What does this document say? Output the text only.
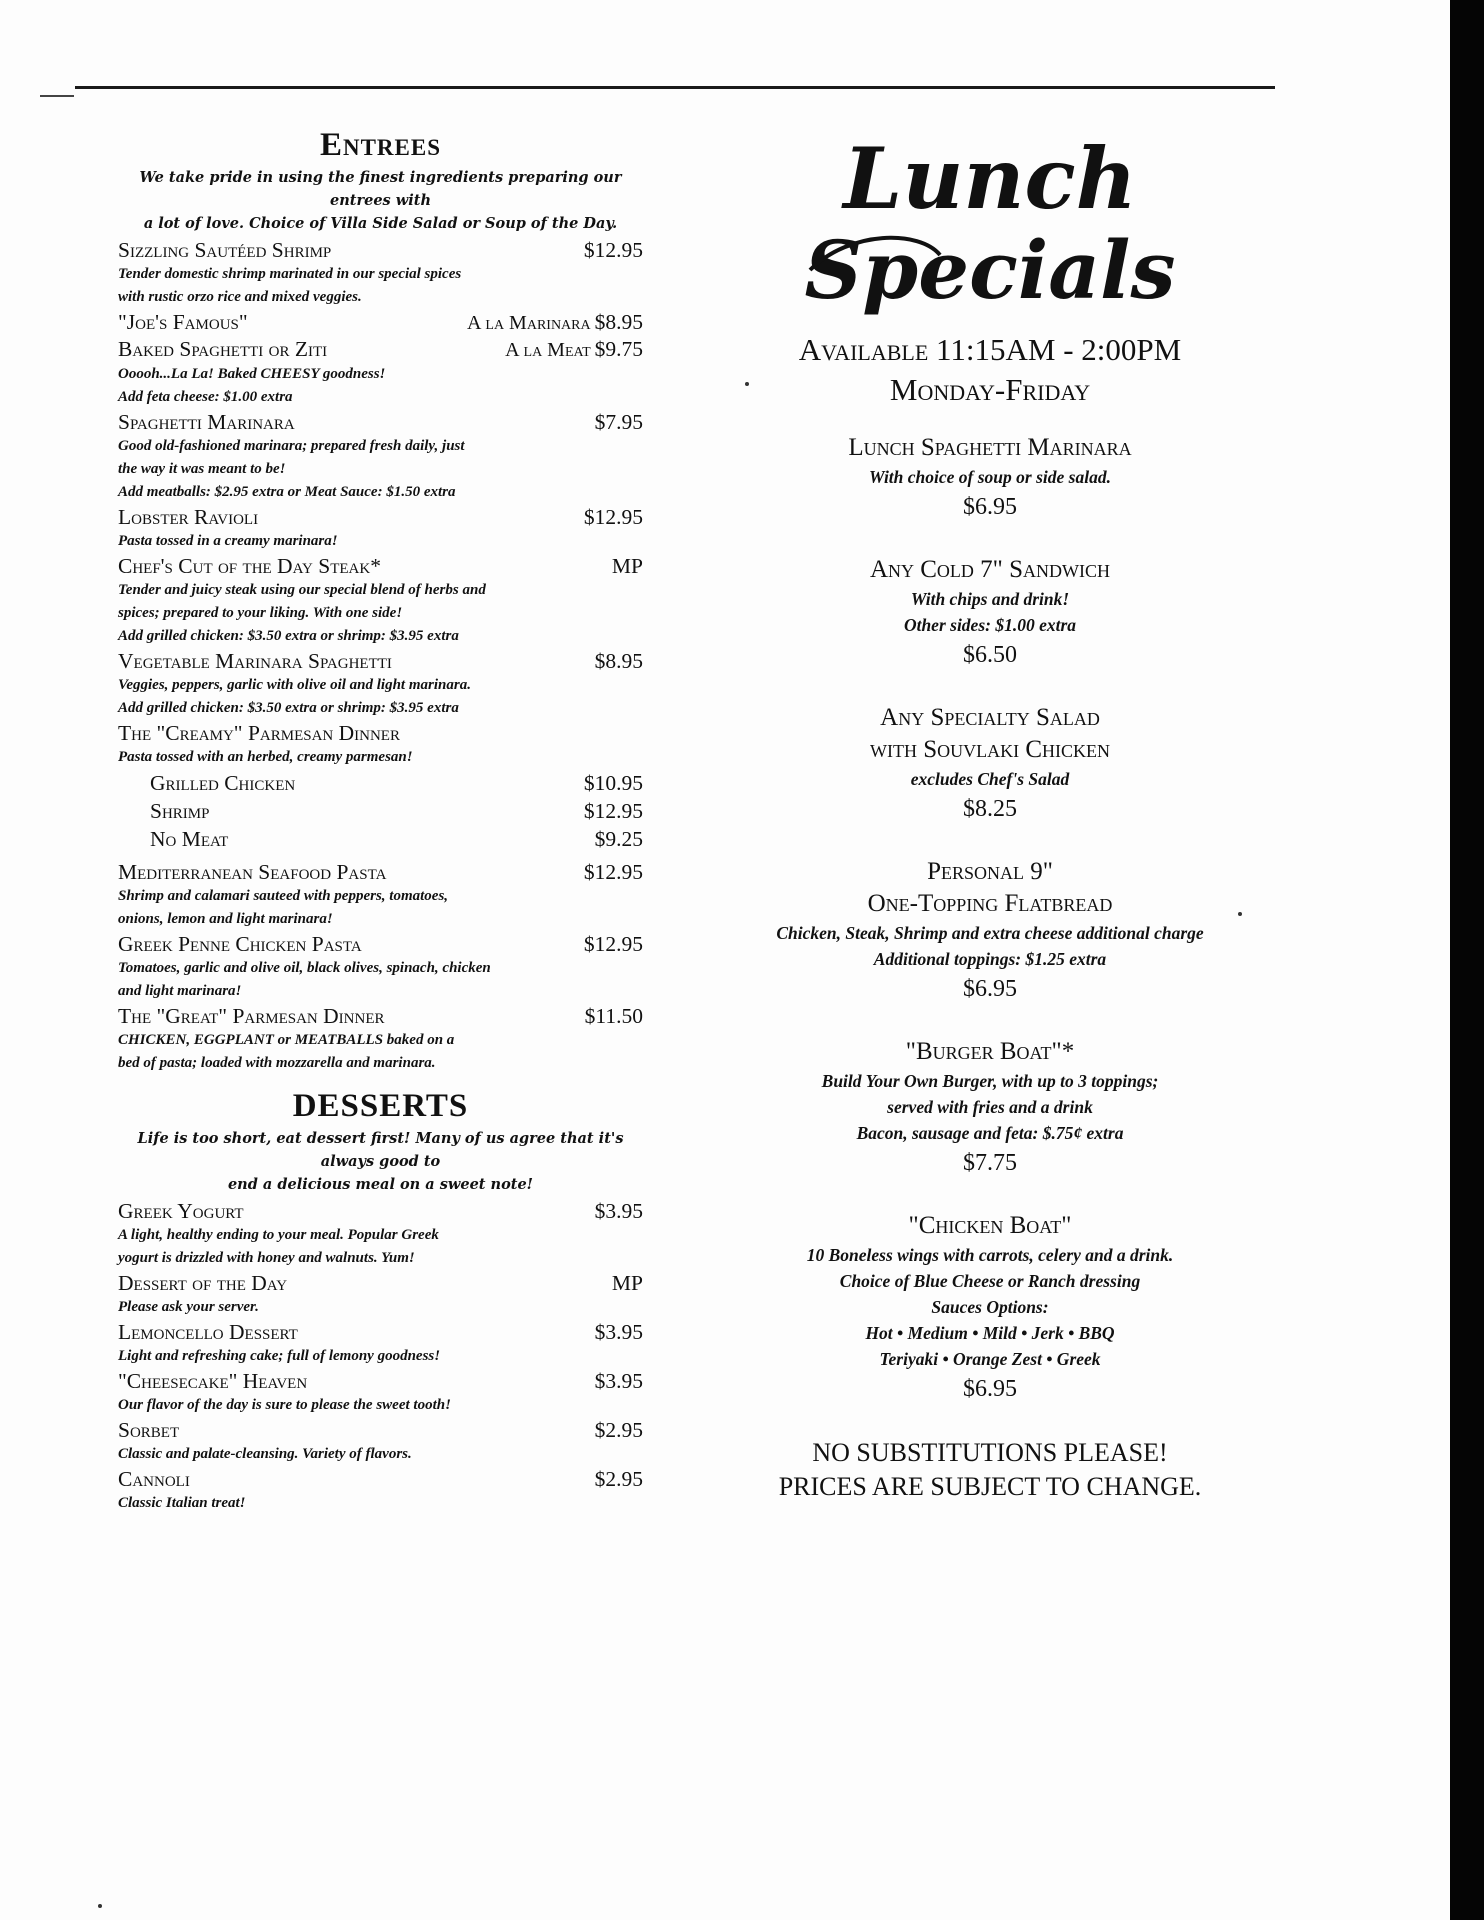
Entrees
We take pride in using the finest ingredients preparing our entrees with
a lot of love. Choice of Villa Side Salad or Soup of the Day.
Sizzling Sautéed Shrimp	$12.95
Tender domestic shrimp marinated in our special spices
with rustic orzo rice and mixed veggies.
"Joe's Famous"	A la Marinara $8.95
Baked Spaghetti or Ziti	A la Meat $9.75
Ooooh...La La! Baked CHEESY goodness!
Add feta cheese: $1.00 extra
Spaghetti Marinara	$7.95
Good old-fashioned marinara; prepared fresh daily, just
the way it was meant to be!
Add meatballs: $2.95 extra or Meat Sauce: $1.50 extra
Lobster Ravioli	$12.95
Pasta tossed in a creamy marinara!
Chef's Cut of the Day Steak*	MP
Tender and juicy steak using our special blend of herbs and
spices; prepared to your liking. With one side!
Add grilled chicken: $3.50 extra or shrimp: $3.95 extra
Vegetable Marinara Spaghetti	$8.95
Veggies, peppers, garlic with olive oil and light marinara.
Add grilled chicken: $3.50 extra or shrimp: $3.95 extra
The "Creamy" Parmesan Dinner
Pasta tossed with an herbed, creamy parmesan!
Grilled Chicken	$10.95
Shrimp	$12.95
No Meat	$9.25
Mediterranean Seafood Pasta	$12.95
Shrimp and calamari sauteed with peppers, tomatoes,
onions, lemon and light marinara!
Greek Penne Chicken Pasta	$12.95
Tomatoes, garlic and olive oil, black olives, spinach, chicken
and light marinara!
The "Great" Parmesan Dinner	$11.50
CHICKEN, EGGPLANT or MEATBALLS baked on a
bed of pasta; loaded with mozzarella and marinara.
DESSERTS
Life is too short, eat dessert first! Many of us agree that it's always good to
end a delicious meal on a sweet note!
Greek Yogurt	$3.95
A light, healthy ending to your meal. Popular Greek
yogurt is drizzled with honey and walnuts. Yum!
Dessert of the Day	MP
Please ask your server.
Lemoncello Dessert	$3.95
Light and refreshing cake; full of lemony goodness!
"Cheesecake" Heaven	$3.95
Our flavor of the day is sure to please the sweet tooth!
Sorbet	$2.95
Classic and palate-cleansing. Variety of flavors.
Cannoli	$2.95
Classic Italian treat!
Lunch
Specials
Available 11:15AM - 2:00PM
Monday-Friday
Lunch Spaghetti Marinara
With choice of soup or side salad.
$6.95
Any Cold 7" Sandwich
With chips and drink!
Other sides: $1.00 extra
$6.50
Any Specialty Salad
with Souvlaki Chicken
excludes Chef's Salad
$8.25
Personal 9"
One-Topping Flatbread
Chicken, Steak, Shrimp and extra cheese additional charge
Additional toppings: $1.25 extra
$6.95
"Burger Boat"*
Build Your Own Burger, with up to 3 toppings;
served with fries and a drink
Bacon, sausage and feta: $.75¢ extra
$7.75
"Chicken Boat"
10 Boneless wings with carrots, celery and a drink.
Choice of Blue Cheese or Ranch dressing
Sauces Options:
Hot • Medium • Mild • Jerk • BBQ
Teriyaki • Orange Zest • Greek
$6.95
NO SUBSTITUTIONS PLEASE!
PRICES ARE SUBJECT TO CHANGE.
